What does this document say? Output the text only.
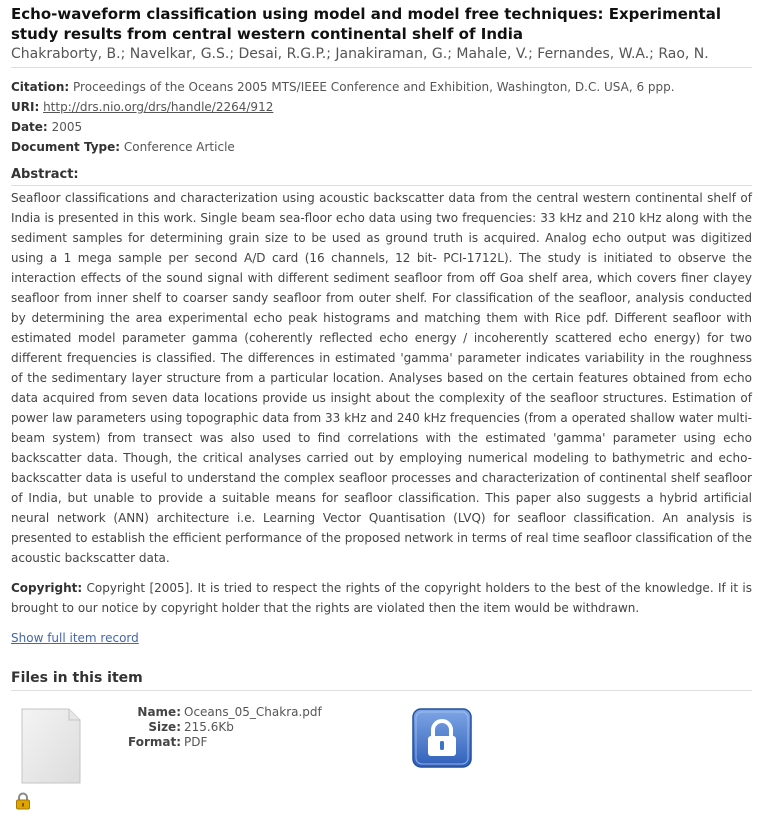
Echo-waveform classification using model and model free techniques: Experimental study results from central western continental shelf of India
Chakraborty, B.; Navelkar, G.S.; Desai, R.G.P.; Janakiraman, G.; Mahale, V.; Fernandes, W.A.; Rao, N.
Citation: Proceedings of the Oceans 2005 MTS/IEEE Conference and Exhibition, Washington, D.C. USA, 6 ppp.
URI: http://drs.nio.org/drs/handle/2264/912
Date: 2005
Document Type: Conference Article
Abstract:
Seafloor classifications and characterization using acoustic backscatter data from the central western continental shelf of India is presented in this work. Single beam sea-floor echo data using two frequencies: 33 kHz and 210 kHz along with the sediment samples for determining grain size to be used as ground truth is acquired. Analog echo output was digitized using a 1 mega sample per second A/D card (16 channels, 12 bit- PCI-1712L). The study is initiated to observe the interaction effects of the sound signal with different sediment seafloor from off Goa shelf area, which covers finer clayey seafloor from inner shelf to coarser sandy seafloor from outer shelf. For classification of the seafloor, analysis conducted by determining the area experimental echo peak histograms and matching them with Rice pdf. Different seafloor with estimated model parameter gamma (coherently reflected echo energy / incoherently scattered echo energy) for two different frequencies is classified. The differences in estimated 'gamma' parameter indicates variability in the roughness of the sedimentary layer structure from a particular location. Analyses based on the certain features obtained from echo data acquired from seven data locations provide us insight about the complexity of the seafloor structures. Estimation of power law parameters using topographic data from 33 kHz and 240 kHz frequencies (from a operated shallow water multi-beam system) from transect was also used to find correlations with the estimated 'gamma' parameter using echo backscatter data. Though, the critical analyses carried out by employing numerical modeling to bathymetric and echo- backscatter data is useful to understand the complex seafloor processes and characterization of continental shelf seafloor of India, but unable to provide a suitable means for seafloor classification. This paper also suggests a hybrid artificial neural network (ANN) architecture i.e. Learning Vector Quantisation (LVQ) for seafloor classification. An analysis is presented to establish the efficient performance of the proposed network in terms of real time seafloor classification of the acoustic backscatter data.
Copyright: Copyright [2005]. It is tried to respect the rights of the copyright holders to the best of the knowledge. If it is brought to our notice by copyright holder that the rights are violated then the item would be withdrawn.
Show full item record
Files in this item
Name: Oceans_05_Chakra.pdf
Size: 215.6Kb
Format: PDF
